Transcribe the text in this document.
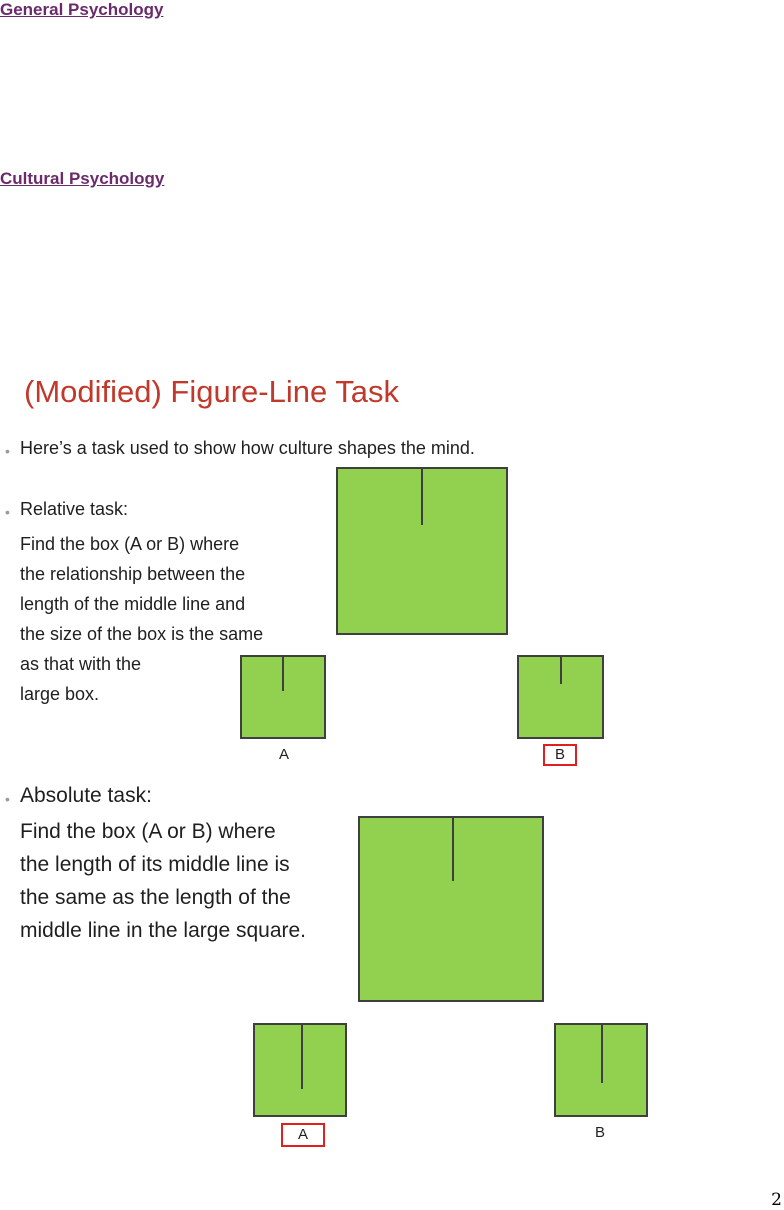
General Psychology
Cultural Psychology
(Modified) Figure-Line Task
• Here’s a task used to show how culture shapes the mind.
• Relative task:
Find the box (A or B) where
the relationship between the
length of the middle line and
the size of the box is the same
as that with the
large box.
A	B
• Absolute task:
Find the box (A or B) where
the length of its middle line is
the same as the length of the
middle line in the large square.
A	B
2
